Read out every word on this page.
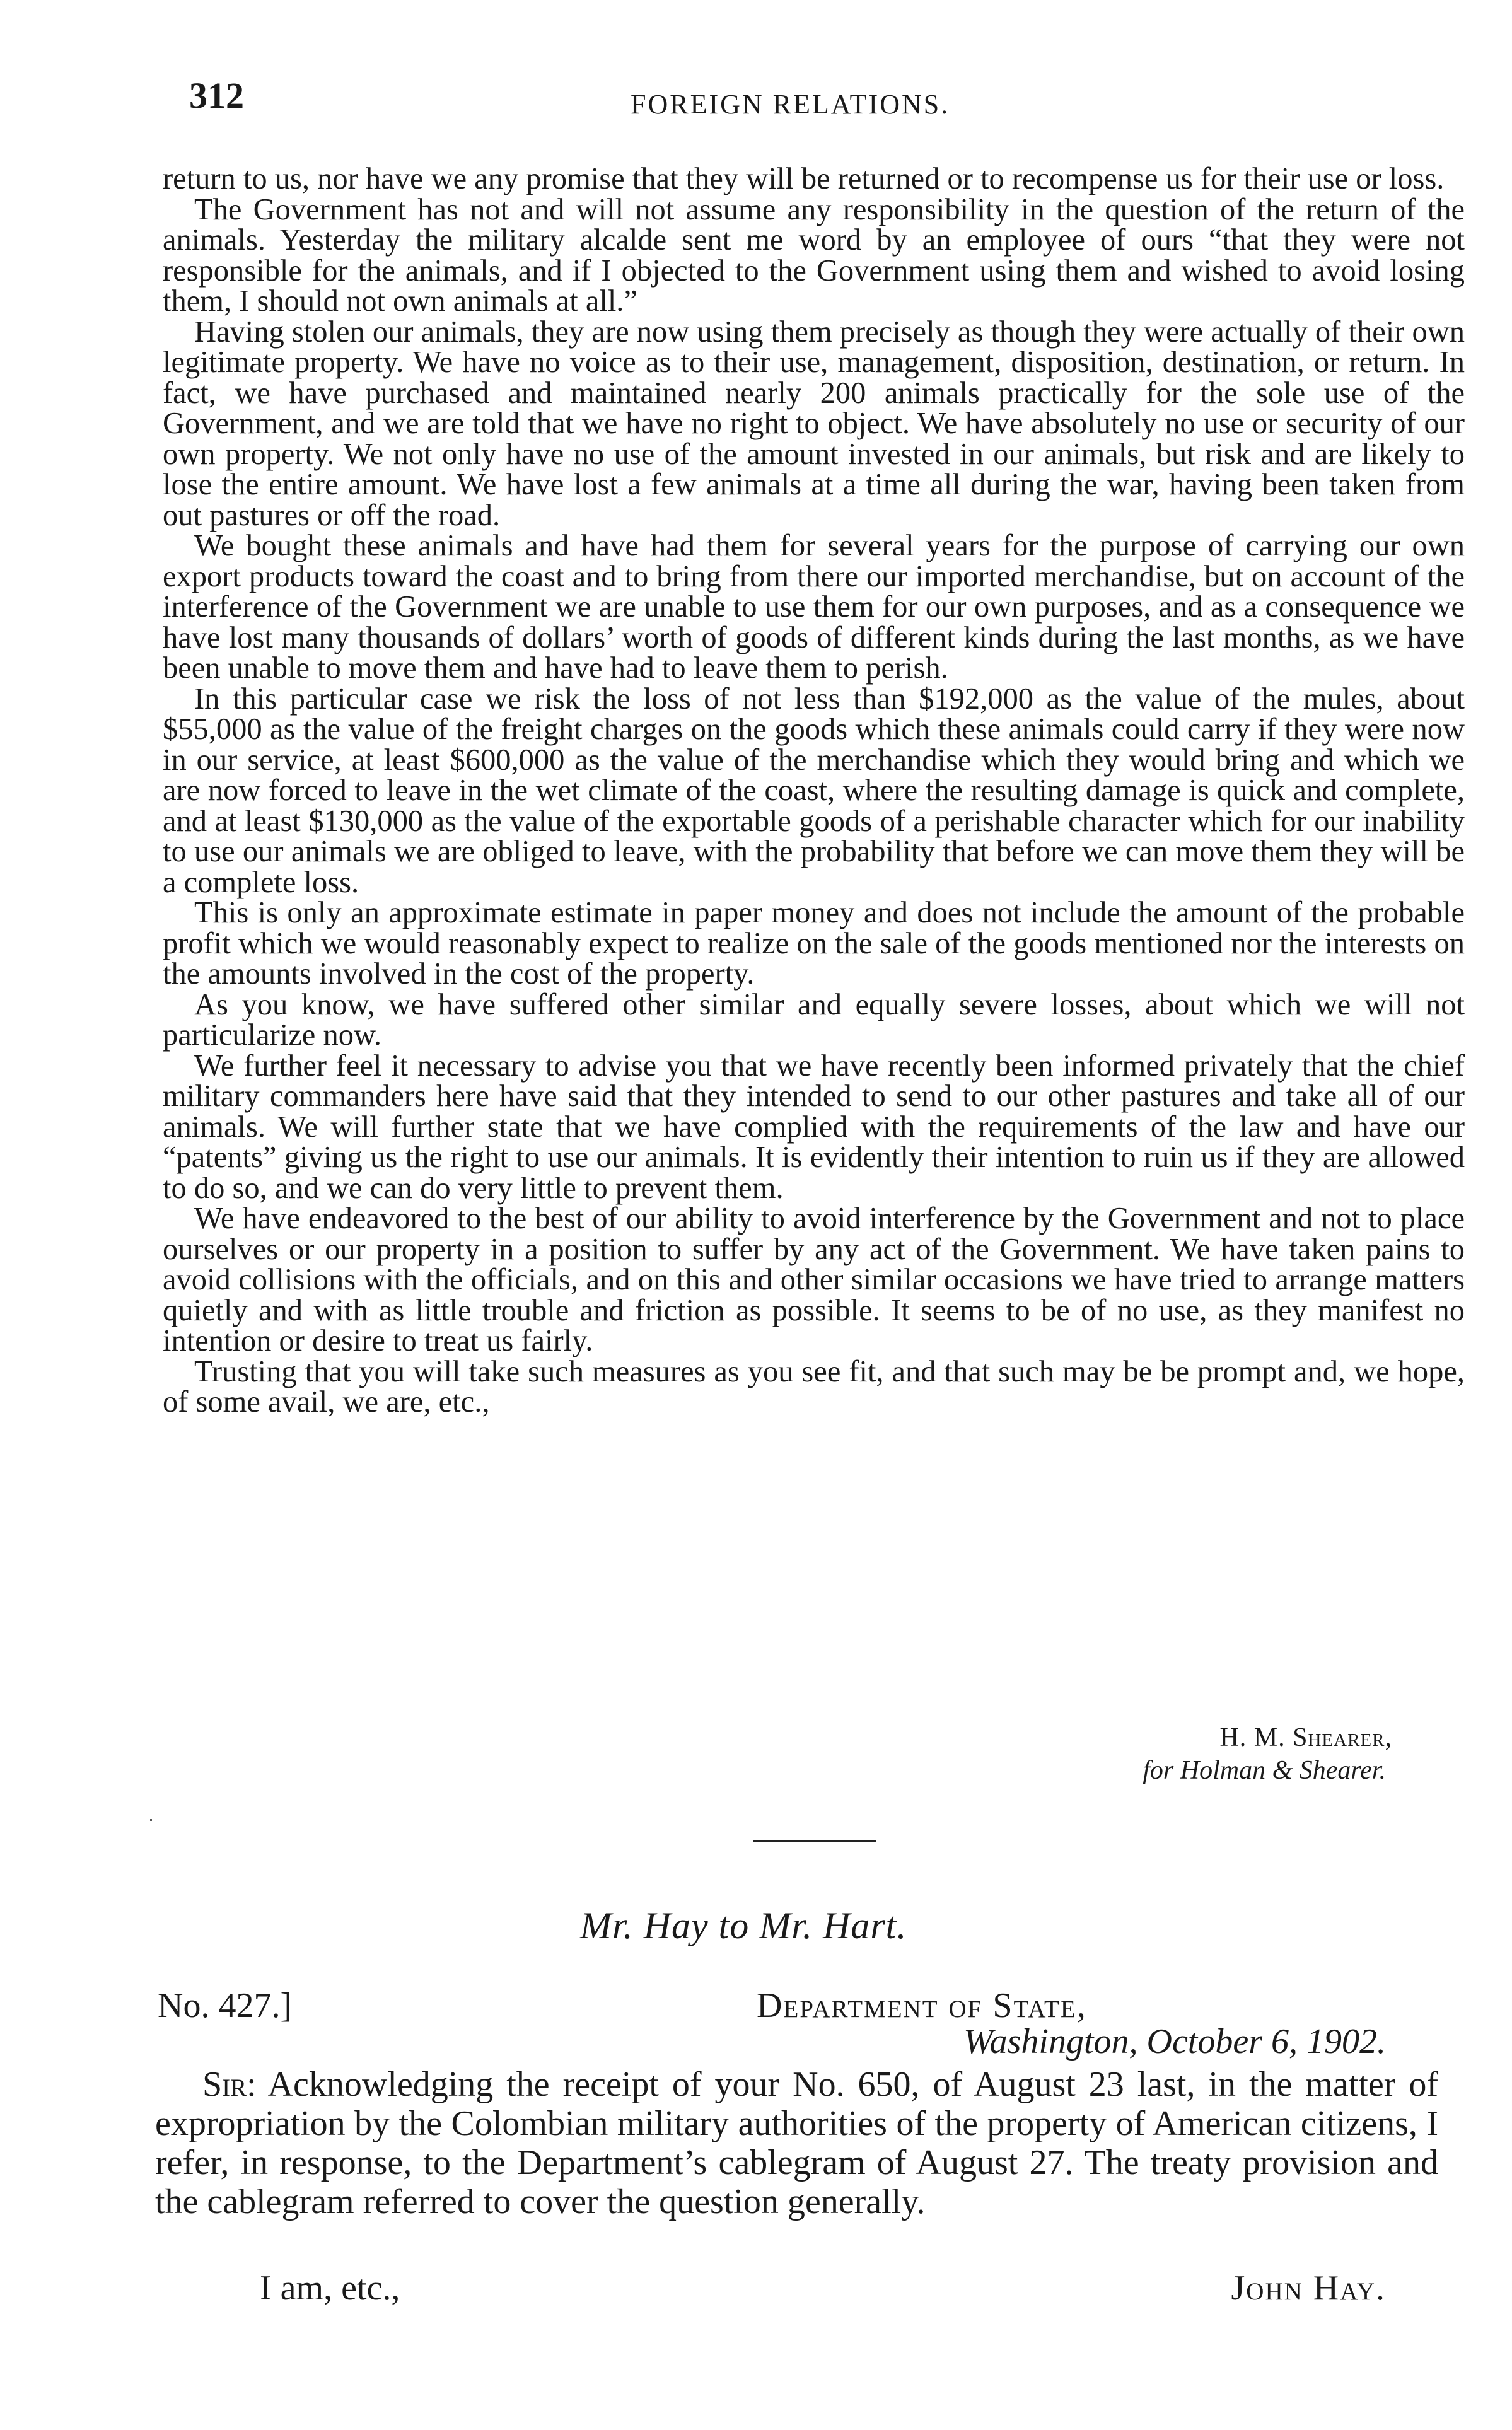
312	FOREIGN RELATIONS.

return to us, nor have we any promise that they will be returned or to recompense us for their use or loss.

The Government has not and will not assume any responsibility in the question of the return of the animals. Yesterday the military alcalde sent me word by an employee of ours “that they were not responsible for the animals, and if I objected to the Government using them and wished to avoid losing them, I should not own animals at all.”

Having stolen our animals, they are now using them precisely as though they were actually of their own legitimate property. We have no voice as to their use, management, disposition, destination, or return. In fact, we have purchased and maintained nearly 200 animals practically for the sole use of the Government, and we are told that we have no right to object. We have absolutely no use or security of our own property. We not only have no use of the amount invested in our animals, but risk and are likely to lose the entire amount. We have lost a few animals at a time all during the war, having been taken from out pastures or off the road.

We bought these animals and have had them for several years for the purpose of carrying our own export products toward the coast and to bring from there our imported merchandise, but on account of the interference of the Government we are unable to use them for our own purposes, and as a consequence we have lost many thousands of dollars’ worth of goods of different kinds during the last months, as we have been unable to move them and have had to leave them to perish.

In this particular case we risk the loss of not less than $192,000 as the value of the mules, about $55,000 as the value of the freight charges on the goods which these animals could carry if they were now in our service, at least $600,000 as the value of the merchandise which they would bring and which we are now forced to leave in the wet climate of the coast, where the resulting damage is quick and complete, and at least $130,000 as the value of the exportable goods of a perishable character which for our inability to use our animals we are obliged to leave, with the probability that before we can move them they will be a complete loss.

This is only an approximate estimate in paper money and does not include the amount of the probable profit which we would reasonably expect to realize on the sale of the goods mentioned nor the interests on the amounts involved in the cost of the property.

As you know, we have suffered other similar and equally severe losses, about which we will not particularize now.

We further feel it necessary to advise you that we have recently been informed privately that the chief military commanders here have said that they intended to send to our other pastures and take all of our animals. We will further state that we have complied with the requirements of the law and have our “patents” giving us the right to use our animals. It is evidently their intention to ruin us if they are allowed to do so, and we can do very little to prevent them.

We have endeavored to the best of our ability to avoid interference by the Government and not to place ourselves or our property in a position to suffer by any act of the Government. We have taken pains to avoid collisions with the officials, and on this and other similar occasions we have tried to arrange matters quietly and with as little trouble and friction as possible. It seems to be of no use, as they manifest no intention or desire to treat us fairly.

Trusting that you will take such measures as you see fit, and that such may be be prompt and, we hope, of some avail, we are, etc.,

H. M. Shearer,
for Holman & Shearer.
Mr. Hay to Mr. Hart.
No. 427.]	Department of State,
Washington, October 6, 1902.

Sir: Acknowledging the receipt of your No. 650, of August 23 last, in the matter of expropriation by the Colombian military authorities of the property of American citizens, I refer, in response, to the Department’s cablegram of August 27. The treaty provision and the cablegram referred to cover the question generally.

I am, etc.,	John Hay.
